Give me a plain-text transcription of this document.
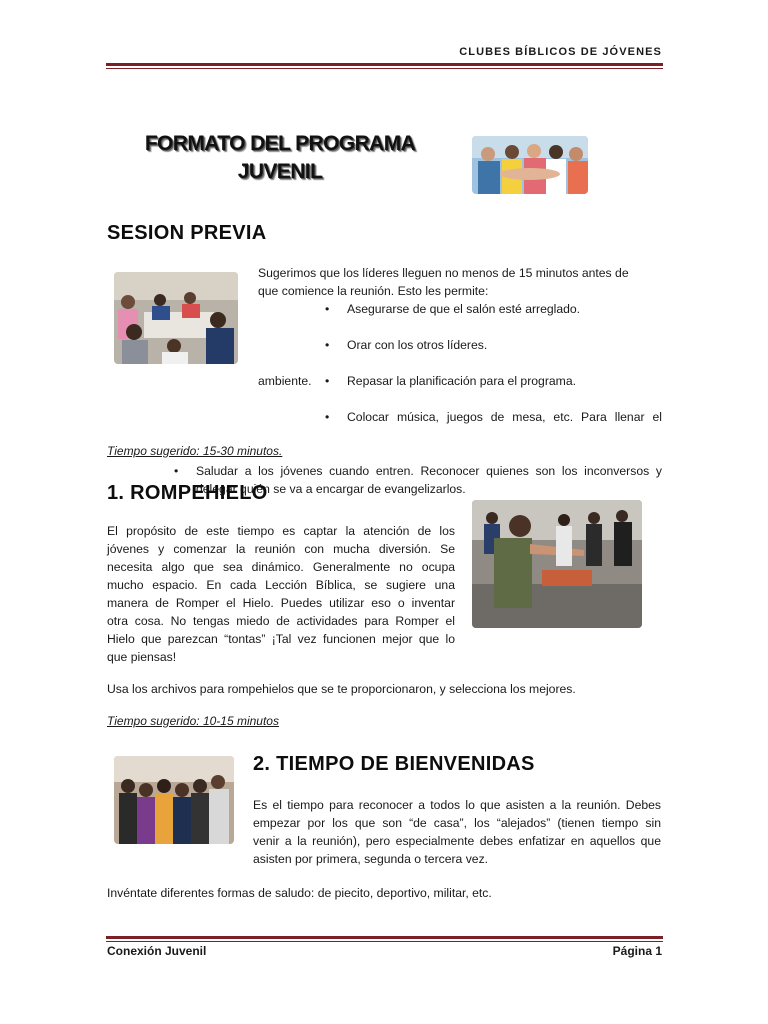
CLUBES BÍBLICOS DE JÓVENES
FORMATO DEL PROGRAMA
JUVENIL
SESION PREVIA
Sugerimos que los líderes lleguen no menos de 15 minutos antes de
que comience la reunión. Esto les permite:
• Asegurarse de que el salón esté arreglado.
• Orar con los otros líderes.
• Repasar la planificación para el programa.
• Colocar música, juegos de mesa, etc. Para llenar el
ambiente.
• Saludar a los jóvenes cuando entren. Reconocer quienes son los inconversos y
delegar quién se va a encargar de evangelizarlos.
Tiempo sugerido: 15-30 minutos.
1. ROMPEHIELO
El propósito de este tiempo es captar la atención de los
jóvenes y comenzar la reunión con mucha diversión. Se
necesita algo que sea dinámico. Generalmente no ocupa
mucho espacio. En cada Lección Bíblica, se sugiere una
manera de Romper el Hielo. Puedes utilizar eso o inventar
otra cosa. No tengas miedo de actividades para Romper el
Hielo que parezcan “tontas” ¡Tal vez funcionen mejor que lo
que piensas!
Usa los archivos para rompehielos que se te proporcionaron, y selecciona los mejores.
Tiempo sugerido: 10-15 minutos
2. TIEMPO DE BIENVENIDAS
Es el tiempo para reconocer a todos lo que asisten a la reunión. Debes
empezar por los que son “de casa”, los “alejados” (tienen tiempo sin
venir a la reunión), pero especialmente debes enfatizar en aquellos que
asisten por primera, segunda o tercera vez.
Invéntate diferentes formas de saludo: de piecito, deportivo, militar, etc.
Conexión Juvenil	Página 1
